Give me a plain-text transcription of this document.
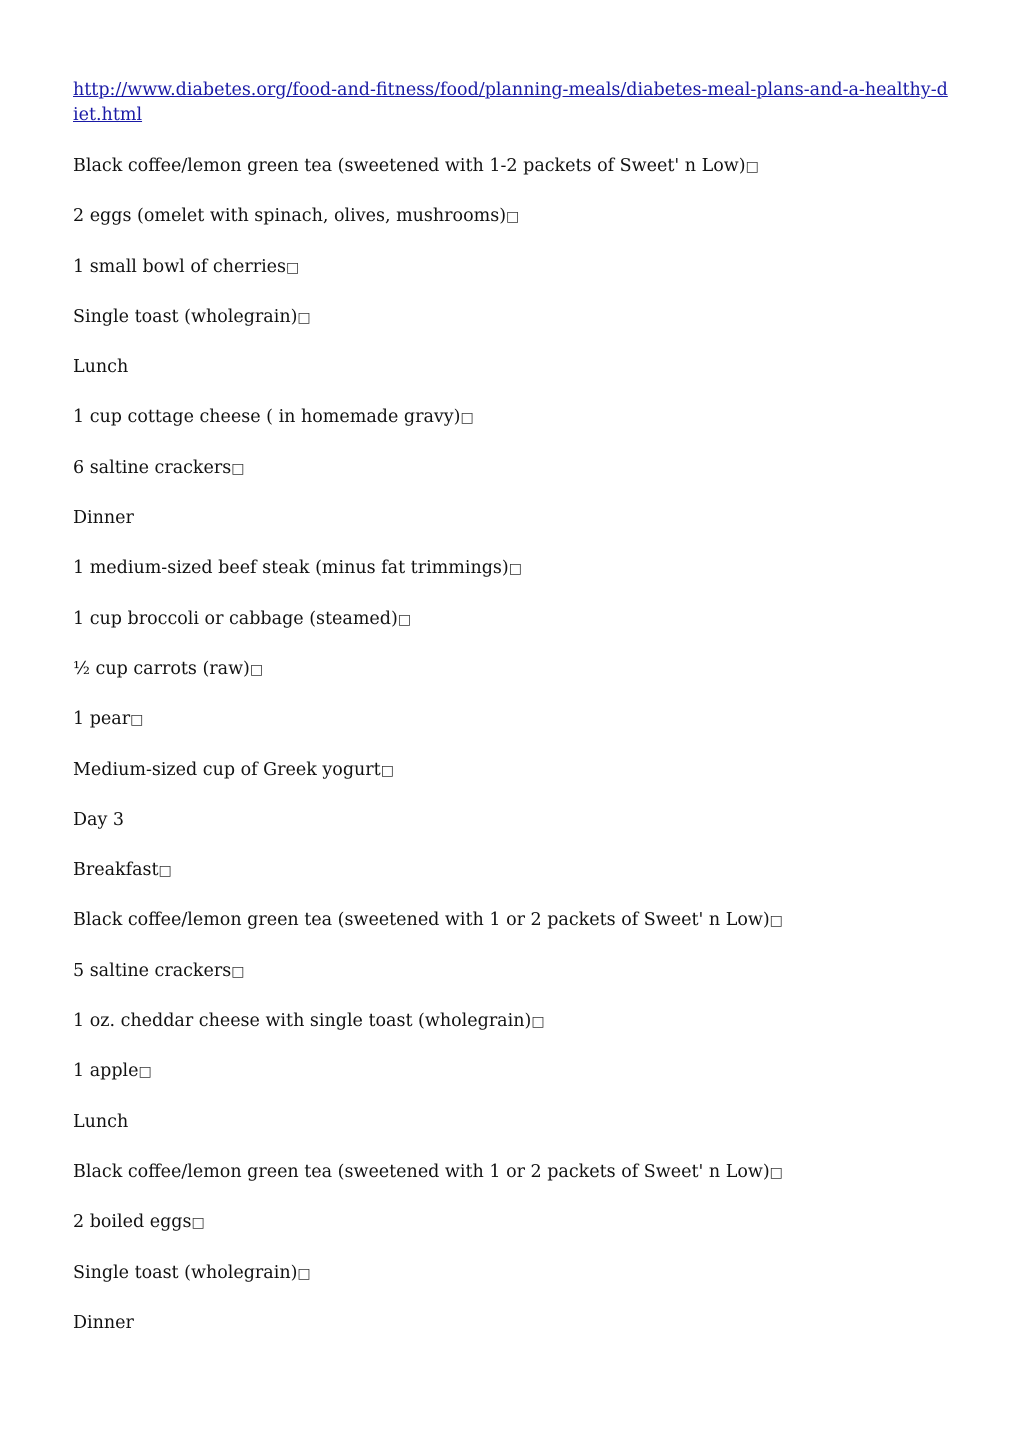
http://www.diabetes.org/food-and-fitness/food/planning-meals/diabetes-meal-plans-and-a-healthy-diet.html
Black coffee/lemon green tea (sweetened with 1-2 packets of Sweet' n Low)□
2 eggs (omelet with spinach, olives, mushrooms)□
1 small bowl of cherries□
Single toast (wholegrain)□
Lunch
1 cup cottage cheese ( in homemade gravy)□
6 saltine crackers□
Dinner
1 medium-sized beef steak (minus fat trimmings)□
1 cup broccoli or cabbage (steamed)□
½ cup carrots (raw)□
1 pear□
Medium-sized cup of Greek yogurt□
Day 3
Breakfast□
Black coffee/lemon green tea (sweetened with 1 or 2 packets of Sweet' n Low)□
5 saltine crackers□
1 oz. cheddar cheese with single toast (wholegrain)□
1 apple□
Lunch
Black coffee/lemon green tea (sweetened with 1 or 2 packets of Sweet' n Low)□
2 boiled eggs□
Single toast (wholegrain)□
Dinner
